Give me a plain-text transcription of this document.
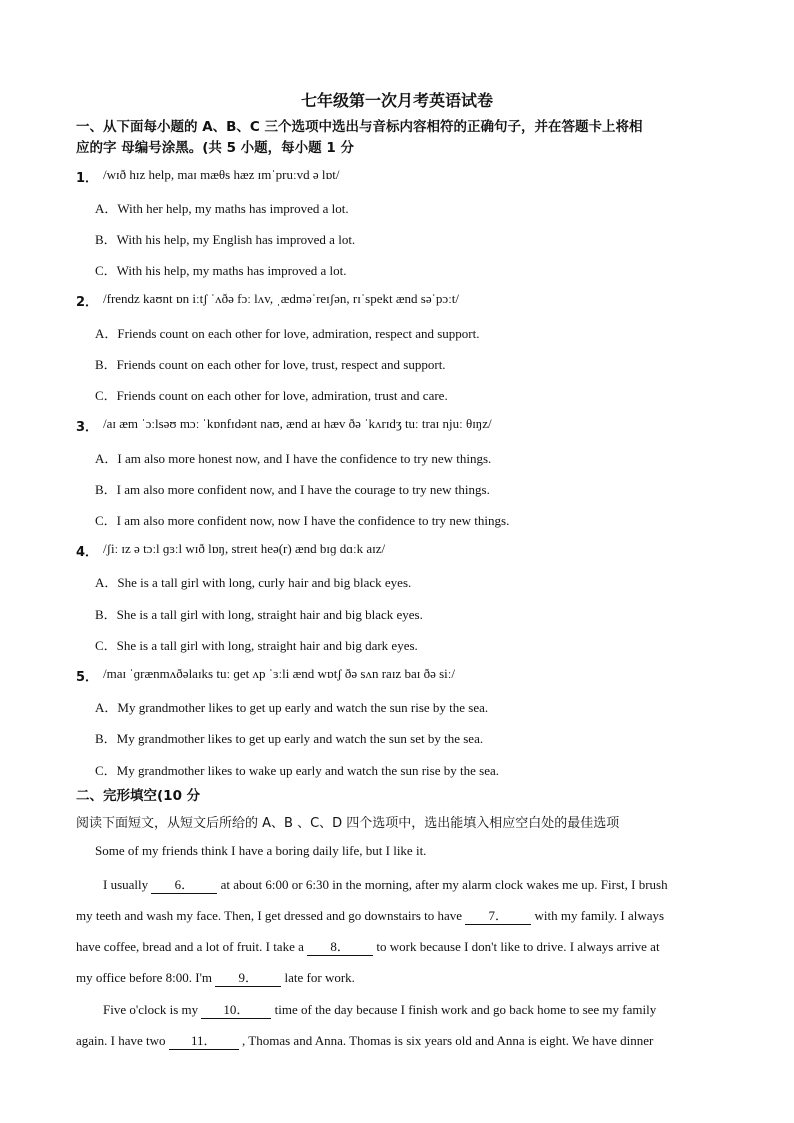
七年级第一次月考英语试卷
一、从下面每小题的 A、B、C 三个选项中选出与音标内容相符的正确句子，并在答题卡上将相
应的字 母编号涂黑。(共 5 小题，每小题 1 分
1． /wɪð hɪz help, maɪ mæθs hæz ɪmˈpruːvd ə lɒt/
A．With her help, my maths has improved a lot.
B．With his help, my English has improved a lot.
C．With his help, my maths has improved a lot.
2． /frendz kaʊnt ɒn iːtʃ ˈʌðə fɔː lʌv, ˌædməˈreɪʃən, rɪˈspekt ænd səˈpɔːt/
A．Friends count on each other for love, admiration, respect and support.
B．Friends count on each other for love, trust, respect and support.
C．Friends count on each other for love, admiration, trust and care.
3． /aɪ æm ˈɔːlsəʊ mɔː ˈkɒnfɪdənt naʊ, ænd aɪ hæv ðə ˈkʌrɪdʒ tuː traɪ njuː θɪŋz/
A．I am also more honest now, and I have the confidence to try new things.
B．I am also more confident now, and I have the courage to try new things.
C．I am also more confident now, now I have the confidence to try new things.
4． /ʃiː ɪz ə tɔːl ɡɜːl wɪð lɒŋ, streɪt heə(r) ænd bɪɡ dɑːk aɪz/
A．She is a tall girl with long, curly hair and big black eyes.
B．She is a tall girl with long, straight hair and big black eyes.
C．She is a tall girl with long, straight hair and big dark eyes.
5． /maɪ ˈɡrænmʌðəlaɪks tuː ɡet ʌp ˈɜːli ænd wɒtʃ ðə sʌn raɪz baɪ ðə siː/
A．My grandmother likes to get up early and watch the sun rise by the sea.
B．My grandmother likes to get up early and watch the sun set by the sea.
C．My grandmother likes to wake up early and watch the sun rise by the sea.
二、完形填空(10 分
阅读下面短文，从短文后所给的 A、B 、C、D 四个选项中，选出能填入相应空白处的最佳选项
Some of my friends think I have a boring daily life, but I like it.
I usually 6． at about 6:00 or 6:30 in the morning, after my alarm clock wakes me up. First, I brush
my teeth and wash my face. Then, I get dressed and go downstairs to have 7． with my family. I always
have coffee, bread and a lot of fruit. I take a 8． to work because I don't like to drive. I always arrive at
my office before 8:00. I'm 9． late for work.
Five o'clock is my 10． time of the day because I finish work and go back home to see my family
again. I have two 11． , Thomas and Anna. Thomas is six years old and Anna is eight. We have dinner
